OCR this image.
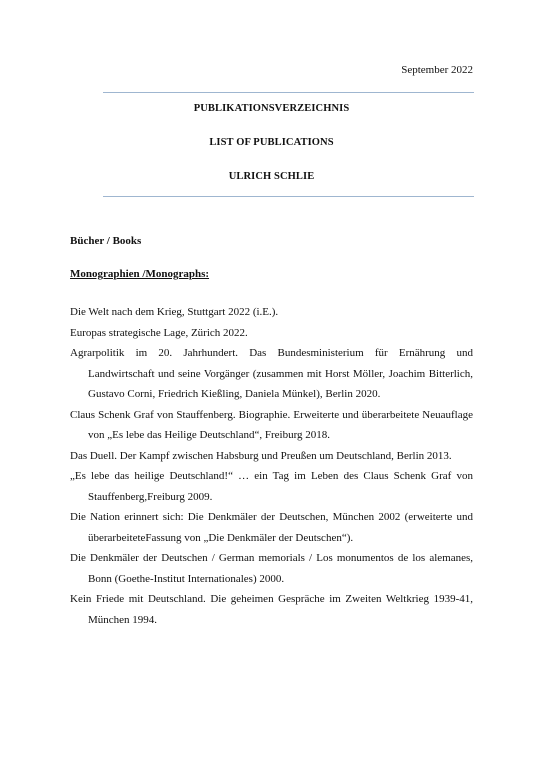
September 2022
PUBLIKATIONSVERZEICHNIS
LIST OF PUBLICATIONS
ULRICH SCHLIE
Bücher / Books
Monographien /Monographs:
Die Welt nach dem Krieg, Stuttgart 2022 (i.E.).
Europas strategische Lage, Zürich 2022.
Agrarpolitik im 20. Jahrhundert. Das Bundesministerium für Ernährung und Landwirtschaft und seine Vorgänger (zusammen mit Horst Möller, Joachim Bitterlich, Gustavo Corni, Friedrich Kießling, Daniela Münkel), Berlin 2020.
Claus Schenk Graf von Stauffenberg. Biographie. Erweiterte und überarbeitete Neuauflage von „Es lebe das Heilige Deutschland“, Freiburg 2018.
Das Duell. Der Kampf zwischen Habsburg und Preußen um Deutschland, Berlin 2013.
„Es lebe das heilige Deutschland!“ … ein Tag im Leben des Claus Schenk Graf von Stauffenberg,Freiburg 2009.
Die Nation erinnert sich: Die Denkmäler der Deutschen, München 2002 (erweiterte und überarbeiteteFassung von „Die Denkmäler der Deutschen“).
Die Denkmäler der Deutschen / German memorials / Los monumentos de los alemanes, Bonn (Goethe-Institut Internationales) 2000.
Kein Friede mit Deutschland. Die geheimen Gespräche im Zweiten Weltkrieg 1939-41, München 1994.
